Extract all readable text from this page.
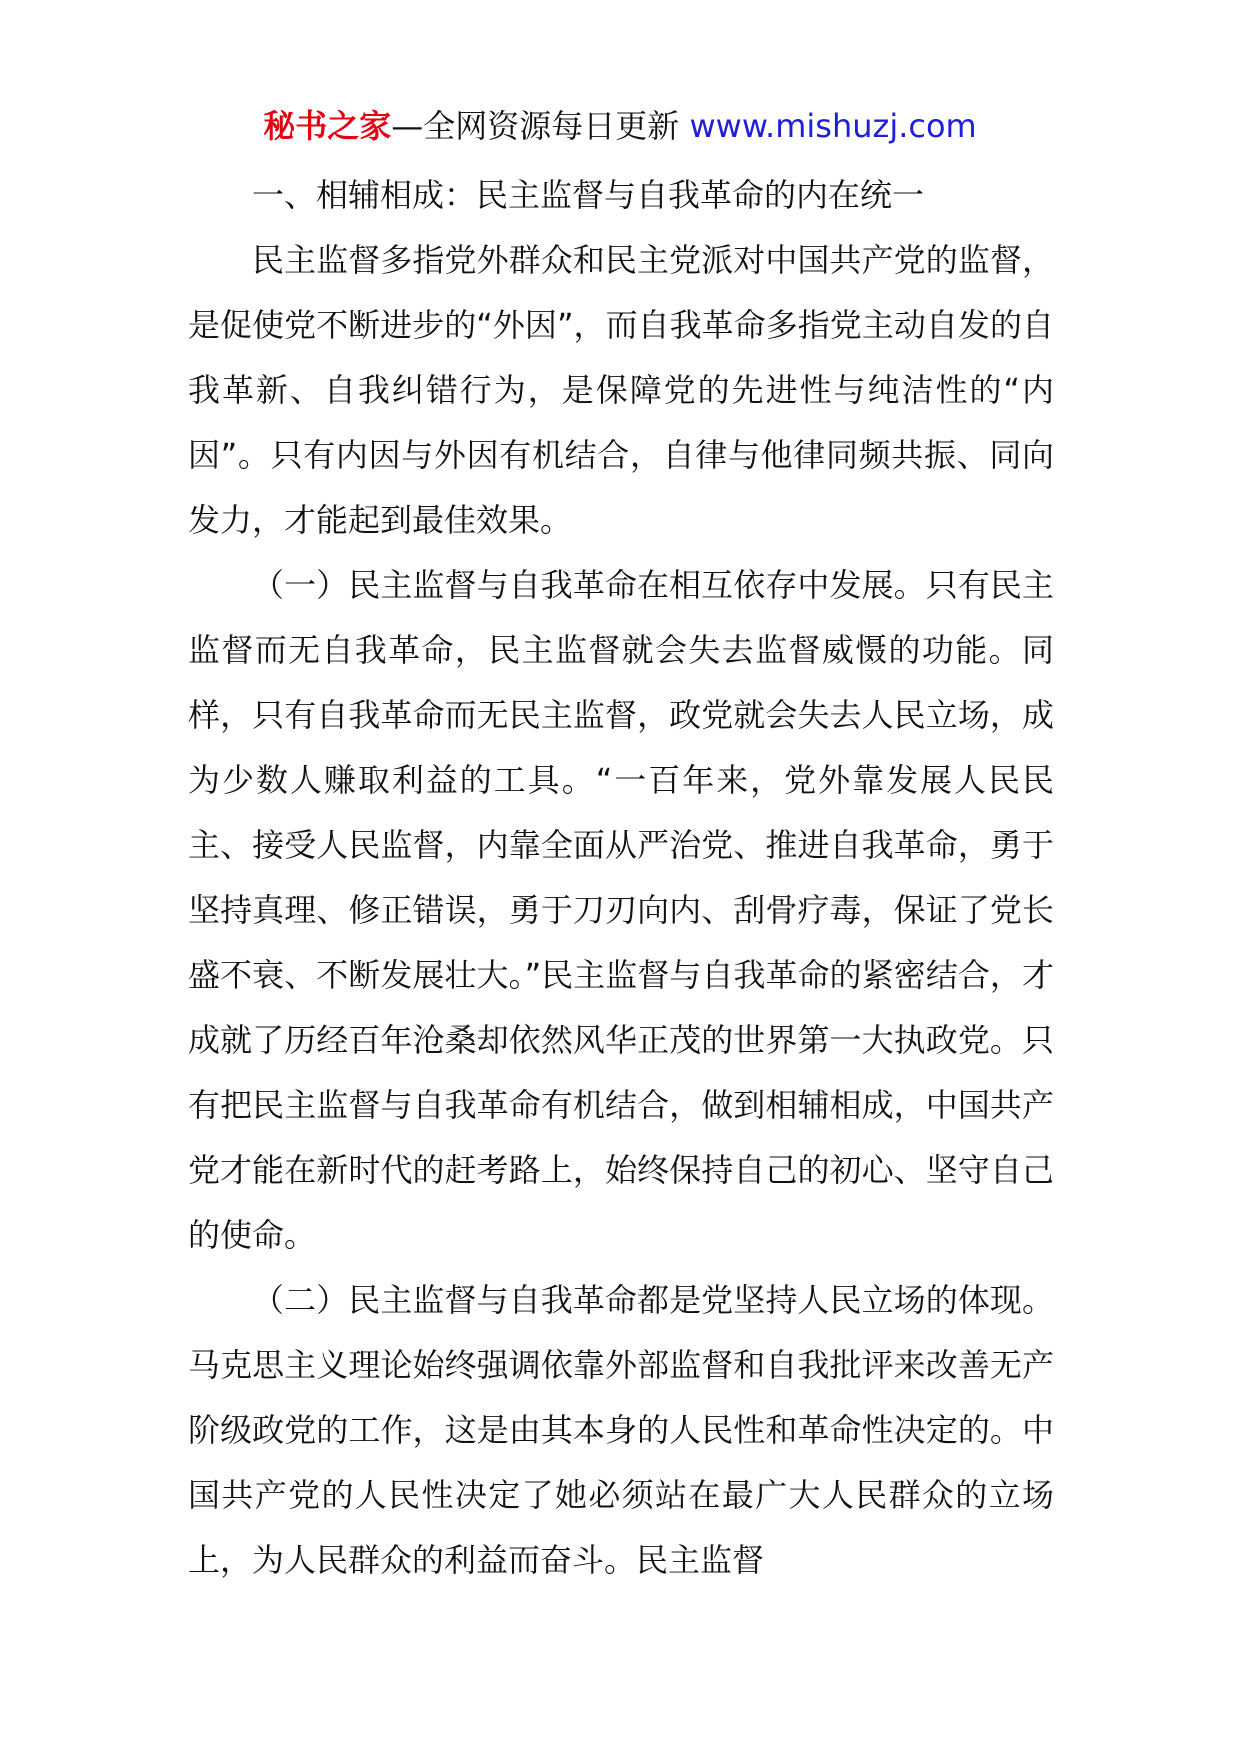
秘书之家—全网资源每日更新 www.mishuzj.com
一、相辅相成：民主监督与自我革命的内在统一

民主监督多指党外群众和民主党派对中国共产党的监督，是促使党不断进步的“外因”，而自我革命多指党主动自发的自我革新、自我纠错行为，是保障党的先进性与纯洁性的“内因”。只有内因与外因有机结合，自律与他律同频共振、同向发力，才能起到最佳效果。

（一）民主监督与自我革命在相互依存中发展。只有民主监督而无自我革命，民主监督就会失去监督威慑的功能。同样，只有自我革命而无民主监督，政党就会失去人民立场，成为少数人赚取利益的工具。“一百年来，党外靠发展人民民主、接受人民监督，内靠全面从严治党、推进自我革命，勇于坚持真理、修正错误，勇于刀刃向内、刮骨疗毒，保证了党长盛不衰、不断发展壮大。”民主监督与自我革命的紧密结合，才成就了历经百年沧桑却依然风华正茂的世界第一大执政党。只有把民主监督与自我革命有机结合，做到相辅相成，中国共产党才能在新时代的赶考路上，始终保持自己的初心、坚守自己的使命。

（二）民主监督与自我革命都是党坚持人民立场的体现。马克思主义理论始终强调依靠外部监督和自我批评来改善无产阶级政党的工作，这是由其本身的人民性和革命性决定的。中国共产党的人民性决定了她必须站在最广大人民群众的立场上，为人民群众的利益而奋斗。民主监督
